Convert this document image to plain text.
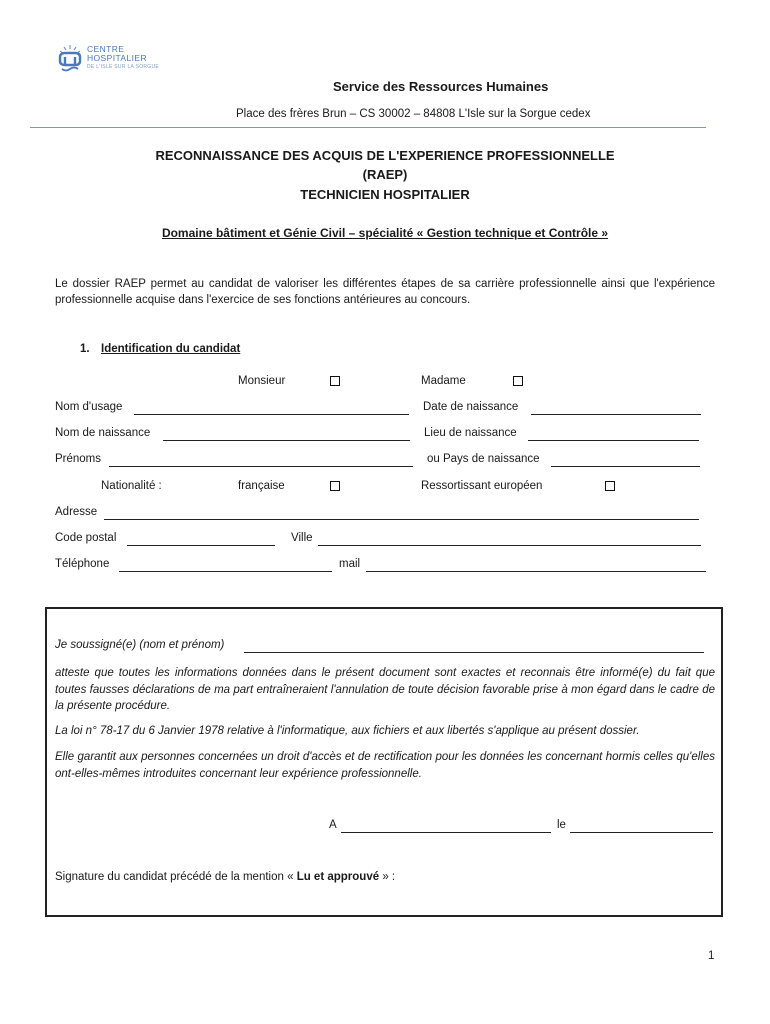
CENTRE
HOSPITALIER
DE L'ISLE SUR LA SORGUE
Service des Ressources Humaines
Place des frères Brun – CS 30002 – 84808 L'Isle sur la Sorgue cedex
RECONNAISSANCE DES ACQUIS DE L'EXPERIENCE PROFESSIONNELLE
(RAEP)
TECHNICIEN HOSPITALIER
Domaine bâtiment et Génie Civil – spécialité « Gestion technique et Contrôle »
Le dossier RAEP permet au candidat de valoriser les différentes étapes de sa carrière professionnelle ainsi que l'expérience professionnelle acquise dans l'exercice de ses fonctions antérieures au concours.
1. Identification du candidat
Monsieur	Madame
Nom d'usage	Date de naissance
Nom de naissance	Lieu de naissance
Prénoms	ou Pays de naissance
Nationalité :	française	Ressortissant européen
Adresse
Code postal	Ville
Téléphone	mail
Je soussigné(e) (nom et prénom)
atteste que toutes les informations données dans le présent document sont exactes et reconnais être informé(e) du fait que toutes fausses déclarations de ma part entraîneraient l'annulation de toute décision favorable prise à mon égard dans le cadre de la présente procédure.
La loi n° 78-17 du 6 Janvier 1978 relative à l'informatique, aux fichiers et aux libertés s'applique au présent dossier.
Elle garantit aux personnes concernées un droit d'accès et de rectification pour les données les concernant hormis celles qu'elles ont-elles-mêmes introduites concernant leur expérience professionnelle.
A	le
Signature du candidat précédé de la mention « Lu et approuvé » :
1
